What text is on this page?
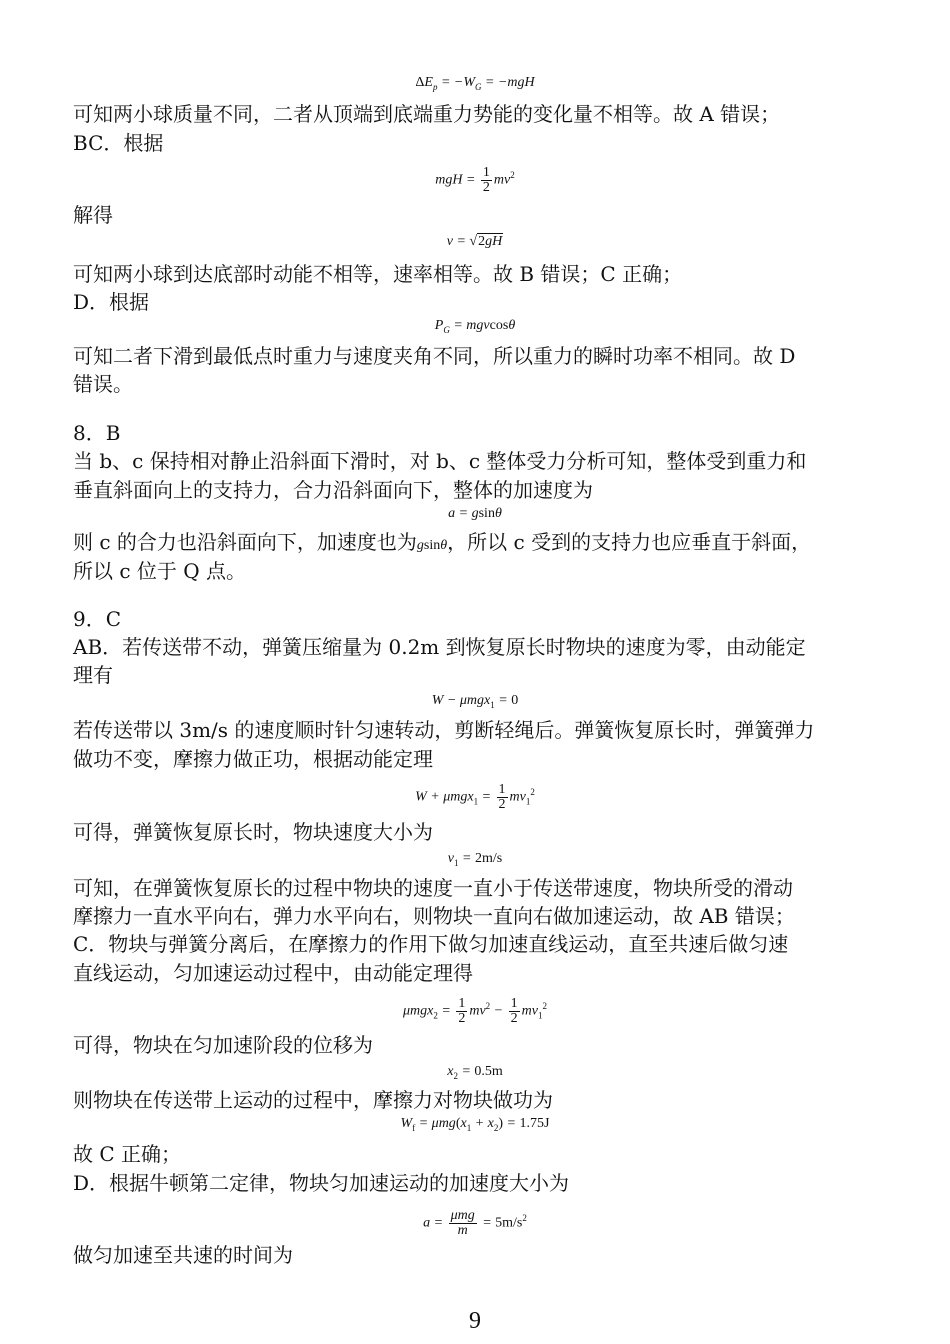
$\Delta E_p = -W_G = -mgH$
可知两小球质量不同，二者从顶端到底端重力势能的变化量不相等。故 A 错误；
BC．根据
mgH = $\frac{1}{2} mv^2$
解得
v = √2gH
可知两小球到达底部时动能不相等，速率相等。故 B 错误；C 正确；
D．根据
$P_G = mgvcos\theta$
可知二者下滑到最低点时重力与速度夹角不同，所以重力的瞬时功率不相同。故 D
错误。
8．B
当 b、c 保持相对静止沿斜面下滑时，对 b、c 整体受力分析可知，整体受到重力和
垂直斜面向上的支持力，合力沿斜面向下，整体的加速度为
a = gsinθ
则 c 的合力也沿斜面向下，加速度也为gsinθ，所以 c 受到的支持力也应垂直于斜面，
所以 c 位于 Q 点。
9．C
AB．若传送带不动，弹簧压缩量为 0.2m 到恢复原长时物块的速度为零，由动能定
理有
W − μmgx$_1$ = 0
若传送带以 3m/s 的速度顺时针匀速转动，剪断轻绳后。弹簧恢复原长时，弹簧弹力
做功不变，摩擦力做正功，根据动能定理
$W + \mu mgx_1 = \frac{1}{2} mv_1^2$
可得，弹簧恢复原长时，物块速度大小为
$v_1 = 2m/s$
可知，在弹簧恢复原长的过程中物块的速度一直小于传送带速度，物块所受的滑动
摩擦力一直水平向右，弹力水平向右，则物块一直向右做加速运动，故 AB 错误；
C．物块与弹簧分离后，在摩擦力的作用下做匀加速直线运动，直至共速后做匀速
直线运动，匀加速运动过程中，由动能定理得
$\mu mgx_2 = \frac{1}{2} mv^2 - \frac{1}{2} mv_1^2$
可得，物块在匀加速阶段的位移为
$x_2 = 0.5m$
则物块在传送带上运动的过程中，摩擦力对物块做功为
$W_f = \mu mg(x_1 + x_2) = 1.75J$
故 C 正确；
D．根据牛顿第二定律，物块匀加速运动的加速度大小为
$a = \frac{\text{μmg}}{m} = 5m/s^2$
做匀加速至共速的时间为
9
